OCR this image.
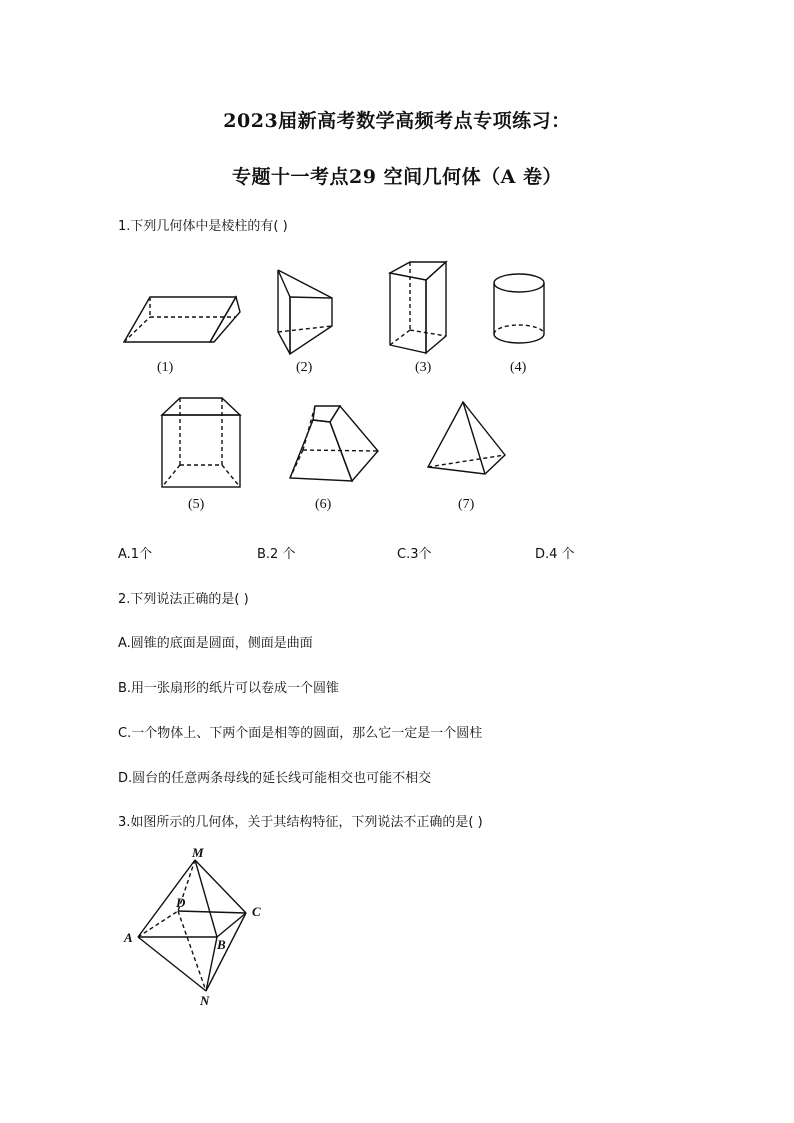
2023届新高考数学高频考点专项练习：
专题十一考点29 空间几何体（A 卷）
1.下列几何体中是棱柱的有( )
(1)	(2)	(3)	(4)
(5)	(6)	(7)
A.1个	B.2 个	C.3个	D.4 个
2.下列说法正确的是( )
A.圆锥的底面是圆面，侧面是曲面
B.用一张扇形的纸片可以卷成一个圆锥
C.一个物体上、下两个面是相等的圆面，那么它一定是一个圆柱
D.圆台的任意两条母线的延长线可能相交也可能不相交
3.如图所示的几何体，关于其结构特征，下列说法不正确的是( )
M
D
C
A	B
N
